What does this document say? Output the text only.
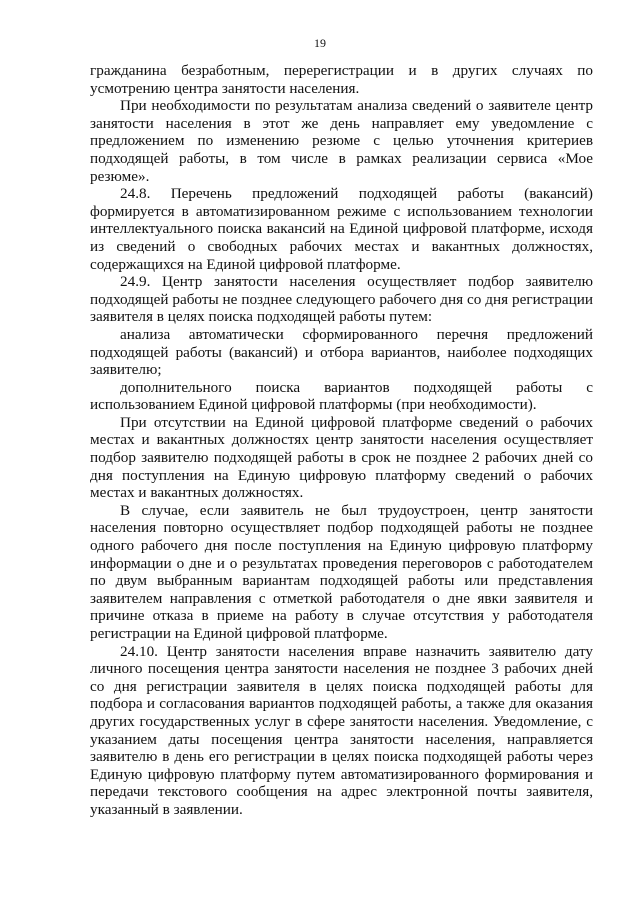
19

гражданина безработным, перерегистрации и в других случаях по усмотрению центра занятости населения.

При необходимости по результатам анализа сведений о заявителе центр занятости населения в этот же день направляет ему уведомление с предложением по изменению резюме с целью уточнения критериев подходящей работы, в том числе в рамках реализации сервиса «Мое резюме».

24.8. Перечень предложений подходящей работы (вакансий) формируется в автоматизированном режиме с использованием технологии интеллектуального поиска вакансий на Единой цифровой платформе, исходя из сведений о свободных рабочих местах и вакантных должностях, содержащихся на Единой цифровой платформе.

24.9. Центр занятости населения осуществляет подбор заявителю подходящей работы не позднее следующего рабочего дня со дня регистрации заявителя в целях поиска подходящей работы путем:

анализа автоматически сформированного перечня предложений подходящей работы (вакансий) и отбора вариантов, наиболее подходящих заявителю;

дополнительного поиска вариантов подходящей работы с использованием Единой цифровой платформы (при необходимости).

При отсутствии на Единой цифровой платформе сведений о рабочих местах и вакантных должностях центр занятости населения осуществляет подбор заявителю подходящей работы в срок не позднее 2 рабочих дней со дня поступления на Единую цифровую платформу сведений о рабочих местах и вакантных должностях.

В случае, если заявитель не был трудоустроен, центр занятости населения повторно осуществляет подбор подходящей работы не позднее одного рабочего дня после поступления на Единую цифровую платформу информации о дне и о результатах проведения переговоров с работодателем по двум выбранным вариантам подходящей работы или представления заявителем направления с отметкой работодателя о дне явки заявителя и причине отказа в приеме на работу в случае отсутствия у работодателя регистрации на Единой цифровой платформе.

24.10. Центр занятости населения вправе назначить заявителю дату личного посещения центра занятости населения не позднее 3 рабочих дней со дня регистрации заявителя в целях поиска подходящей работы для подбора и согласования вариантов подходящей работы, а также для оказания других государственных услуг в сфере занятости населения. Уведомление, с указанием даты посещения центра занятости населения, направляется заявителю в день его регистрации в целях поиска подходящей работы через Единую цифровую платформу путем автоматизированного формирования и передачи текстового сообщения на адрес электронной почты заявителя, указанный в заявлении.
